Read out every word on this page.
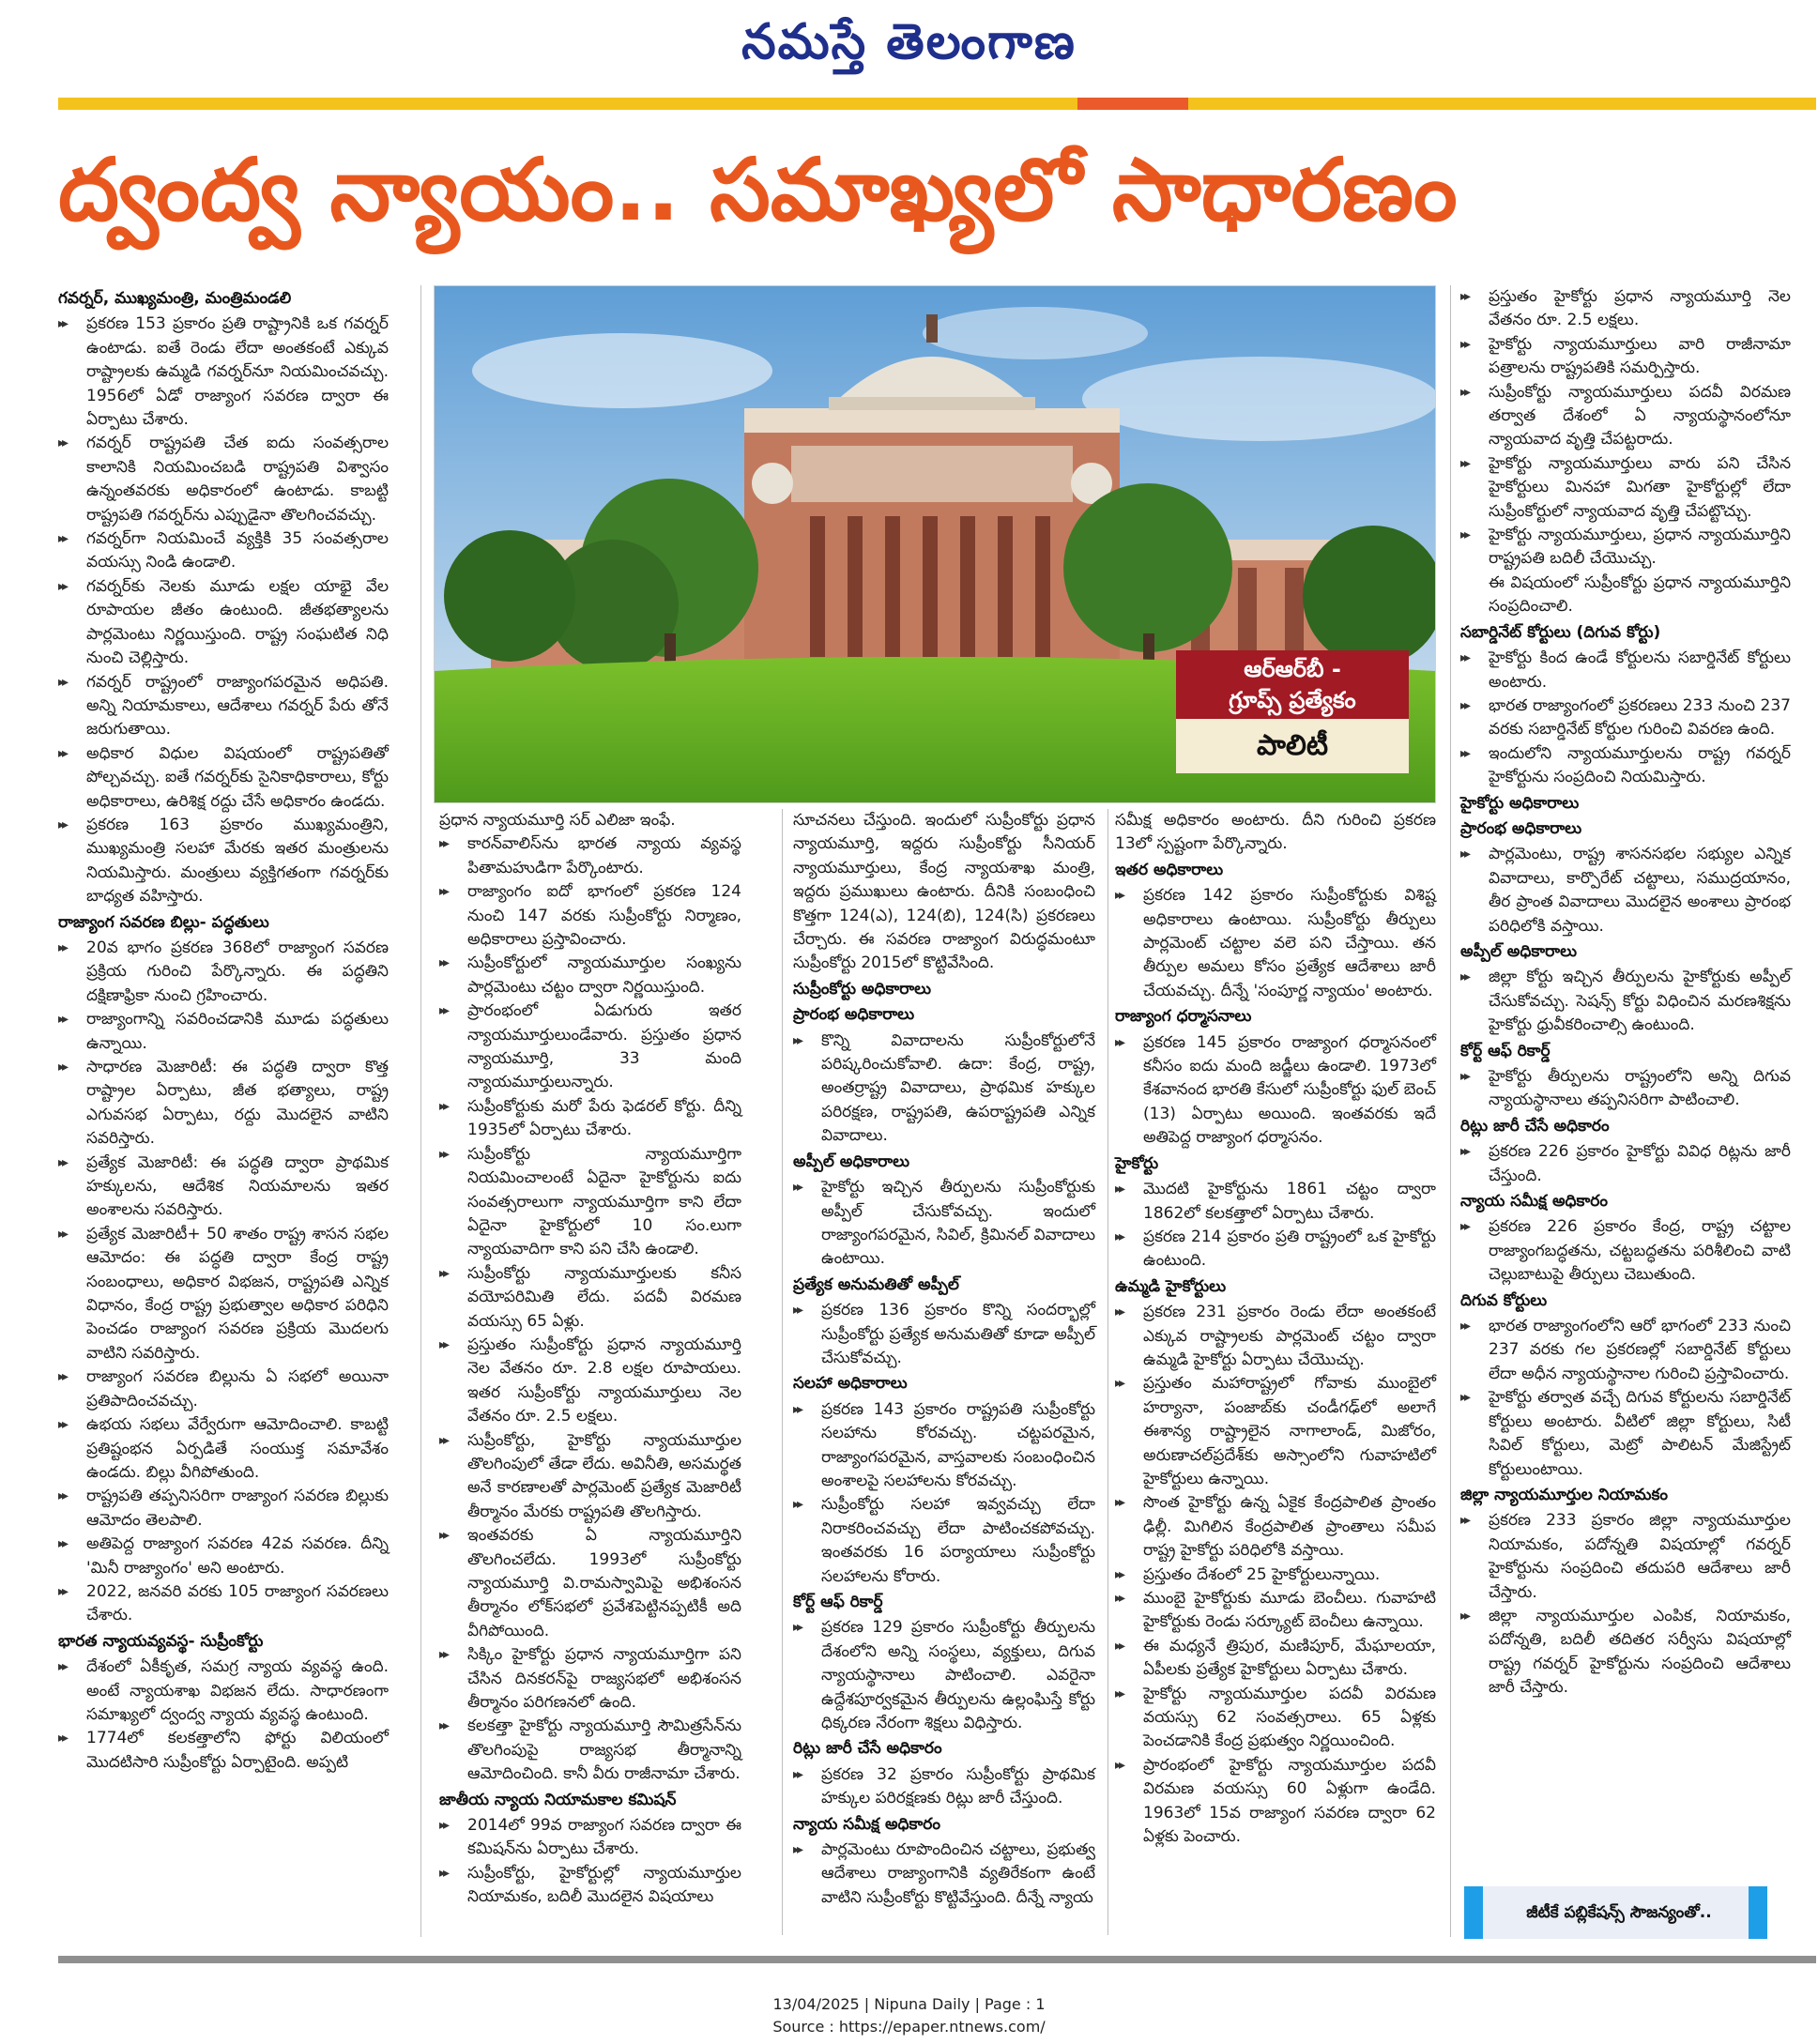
నమస్తే తెలంగాణ
ద్వంద్వ న్యాయం.. సమాఖ్యలో సాధారణం
గవర్నర్, ముఖ్యమంత్రి, మంత్రిమండలి
▸▸ ప్రకరణ 153 ప్రకారం ప్రతి రాష్ట్రానికి ఒక గవర్నర్ ఉంటాడు. ఐతే రెండు లేదా అంతకంటే ఎక్కువ రాష్ట్రాలకు ఉమ్మడి గవర్నర్‌నూ నియమించవచ్చు. 1956లో ఏడో రాజ్యాంగ సవరణ ద్వారా ఈ ఏర్పాటు చేశారు.
▸▸ గవర్నర్ రాష్ట్రపతి చేత ఐదు సంవత్సరాల కాలానికి నియమించబడి రాష్ట్రపతి విశ్వాసం ఉన్నంతవరకు అధికారంలో ఉంటాడు. కాబట్టి రాష్ట్రపతి గవర్నర్‌ను ఎప్పుడైనా తొలగించవచ్చు.
▸▸ గవర్నర్‌గా నియమించే వ్యక్తికి 35 సంవత్సరాల వయస్సు నిండి ఉండాలి.
▸▸ గవర్నర్‌కు నెలకు మూడు లక్షల యాభై వేల రూపాయల జీతం ఉంటుంది. జీతభత్యాలను పార్లమెంటు నిర్ణయిస్తుంది. రాష్ట్ర సంఘటిత నిధి నుంచి చెల్లిస్తారు.
▸▸ గవర్నర్ రాష్ట్రంలో రాజ్యాంగపరమైన అధిపతి. అన్ని నియామకాలు, ఆదేశాలు గవర్నర్ పేరు తోనే జరుగుతాయి.
▸▸ అధికార విధుల విషయంలో రాష్ట్రపతితో పోల్చవచ్చు. ఐతే గవర్నర్‌కు సైనికాధికారాలు, కోర్టు అధికారాలు, ఉరిశిక్ష రద్దు చేసే అధికారం ఉండదు.
▸▸ ప్రకరణ 163 ప్రకారం ముఖ్యమంత్రిని, ముఖ్యమంత్రి సలహా మేరకు ఇతర మంత్రులను నియమిస్తారు. మంత్రులు వ్యక్తిగతంగా గవర్నర్‌కు బాధ్యత వహిస్తారు.
రాజ్యాంగ సవరణ బిల్లు- పద్ధతులు
▸▸ 20వ భాగం ప్రకరణ 368లో రాజ్యాంగ సవరణ ప్రక్రియ గురించి పేర్కొన్నారు. ఈ పద్ధతిని దక్షిణాఫ్రికా నుంచి గ్రహించారు.
▸▸ రాజ్యాంగాన్ని సవరించడానికి మూడు పద్ధతులు ఉన్నాయి.
▸▸ సాధారణ మెజారిటీ: ఈ పద్ధతి ద్వారా కొత్త రాష్ట్రాల ఏర్పాటు, జీత భత్యాలు, రాష్ట్ర ఎగువసభ ఏర్పాటు, రద్దు మొదలైన వాటిని సవరిస్తారు.
▸▸ ప్రత్యేక మెజారిటీ: ఈ పద్ధతి ద్వారా ప్రాథమిక హక్కులను, ఆదేశిక నియమాలను ఇతర అంశాలను సవరిస్తారు.
▸▸ ప్రత్యేక మెజారిటీ+ 50 శాతం రాష్ట్ర శాసన సభల ఆమోదం: ఈ పద్ధతి ద్వారా కేంద్ర రాష్ట్ర సంబంధాలు, అధికార విభజన, రాష్ట్రపతి ఎన్నిక విధానం, కేంద్ర రాష్ట్ర ప్రభుత్వాల అధికార పరిధిని పెంచడం రాజ్యాంగ సవరణ ప్రక్రియ మొదలగు వాటిని సవరిస్తారు.
▸▸ రాజ్యాంగ సవరణ బిల్లును ఏ సభలో అయినా ప్రతిపాదించవచ్చు.
▸▸ ఉభయ సభలు వేర్వేరుగా ఆమోదించాలి. కాబట్టి ప్రతిష్టంభన ఏర్పడితే సంయుక్త సమావేశం ఉండదు. బిల్లు వీగిపోతుంది.
▸▸ రాష్ట్రపతి తప్పనిసరిగా రాజ్యాంగ సవరణ బిల్లుకు ఆమోదం తెలపాలి.
▸▸ అతిపెద్ద రాజ్యాంగ సవరణ 42వ సవరణ. దీన్ని 'మినీ రాజ్యాంగం' అని అంటారు.
▸▸ 2022, జనవరి వరకు 105 రాజ్యాంగ సవరణలు చేశారు.
భారత న్యాయవ్యవస్థ- సుప్రీంకోర్టు
▸▸ దేశంలో ఏకీకృత, సమగ్ర న్యాయ వ్యవస్థ ఉంది. అంటే న్యాయశాఖ విభజన లేదు. సాధారణంగా సమాఖ్యలో ద్వంద్వ న్యాయ వ్యవస్థ ఉంటుంది.
▸▸ 1774లో కలకత్తాలోని ఫోర్టు విలియంలో మొదటిసారి సుప్రీంకోర్టు ఏర్పాటైంది. అప్పటి
ప్రధాన న్యాయమూర్తి సర్ ఎలిజా ఇంఫే.
▸▸ కారన్‌వాలిస్‌ను భారత న్యాయ వ్యవస్థ పితామహుడిగా పేర్కొంటారు.
▸▸ రాజ్యాంగం ఐదో భాగంలో ప్రకరణ 124 నుంచి 147 వరకు సుప్రీంకోర్టు నిర్మాణం, అధికారాలు ప్రస్తావించారు.
▸▸ సుప్రీంకోర్టులో న్యాయమూర్తుల సంఖ్యను పార్లమెంటు చట్టం ద్వారా నిర్ణయిస్తుంది.
▸▸ ప్రారంభంలో ఏడుగురు ఇతర న్యాయమూర్తులుండేవారు. ప్రస్తుతం ప్రధాన న్యాయమూర్తి, 33 మంది న్యాయమూర్తులున్నారు.
▸▸ సుప్రీంకోర్టుకు మరో పేరు ఫెడరల్ కోర్టు. దీన్ని 1935లో ఏర్పాటు చేశారు.
▸▸ సుప్రీంకోర్టు న్యాయమూర్తిగా నియమించాలంటే ఏదైనా హైకోర్టును ఐదు సంవత్సరాలుగా న్యాయమూర్తిగా కాని లేదా ఏదైనా హైకోర్టులో 10 సం.లుగా న్యాయవాదిగా కాని పని చేసి ఉండాలి.
▸▸ సుప్రీంకోర్టు న్యాయమూర్తులకు కనీస వయోపరిమితి లేదు. పదవీ విరమణ వయస్సు 65 ఏళ్లు.
▸▸ ప్రస్తుతం సుప్రీంకోర్టు ప్రధాన న్యాయమూర్తి నెల వేతనం రూ. 2.8 లక్షల రూపాయలు. ఇతర సుప్రీంకోర్టు న్యాయమూర్తులు నెల వేతనం రూ. 2.5 లక్షలు.
▸▸ సుప్రీంకోర్టు, హైకోర్టు న్యాయమూర్తుల తొలగింపులో తేడా లేదు. అవినీతి, అసమర్థత అనే కారణాలతో పార్లమెంట్ ప్రత్యేక మెజారిటీ తీర్మానం మేరకు రాష్ట్రపతి తొలగిస్తారు.
▸▸ ఇంతవరకు ఏ న్యాయమూర్తిని తొలగించలేదు. 1993లో సుప్రీంకోర్టు న్యాయమూర్తి వి.రామస్వామిపై అభిశంసన తీర్మానం లోక్‌సభలో ప్రవేశపెట్టినప్పటికీ అది వీగిపోయింది.
▸▸ సిక్కిం హైకోర్టు ప్రధాన న్యాయమూర్తిగా పని చేసిన దినకరన్‌పై రాజ్యసభలో అభిశంసన తీర్మానం పరిగణనలో ఉంది.
▸▸ కలకత్తా హైకోర్టు న్యాయమూర్తి సౌమిత్రసేన్‌ను తొలగింపుపై రాజ్యసభ తీర్మానాన్ని ఆమోదించింది. కానీ వీరు రాజీనామా చేశారు.
జాతీయ న్యాయ నియామకాల కమిషన్
▸▸ 2014లో 99వ రాజ్యాంగ సవరణ ద్వారా ఈ కమిషన్‌ను ఏర్పాటు చేశారు.
▸▸ సుప్రీంకోర్టు, హైకోర్టుల్లో న్యాయమూర్తుల నియామకం, బదిలీ మొదలైన విషయాలు
సూచనలు చేస్తుంది. ఇందులో సుప్రీంకోర్టు ప్రధాన న్యాయమూర్తి, ఇద్దరు సుప్రీంకోర్టు సీనియర్ న్యాయమూర్తులు, కేంద్ర న్యాయశాఖ మంత్రి, ఇద్దరు ప్రముఖులు ఉంటారు. దీనికి సంబంధించి కొత్తగా 124(ఎ), 124(బి), 124(సి) ప్రకరణలు చేర్చారు. ఈ సవరణ రాజ్యాంగ విరుద్ధమంటూ సుప్రీంకోర్టు 2015లో కొట్టివేసింది.
సుప్రీంకోర్టు అధికారాలు
ప్రారంభ అధికారాలు
▸▸ కొన్ని వివాదాలను సుప్రీంకోర్టులోనే పరిష్కరించుకోవాలి. ఉదా: కేంద్ర, రాష్ట్ర, అంతర్రాష్ట్ర వివాదాలు, ప్రాథమిక హక్కుల పరిరక్షణ, రాష్ట్రపతి, ఉపరాష్ట్రపతి ఎన్నిక వివాదాలు.
అప్పీల్ అధికారాలు
▸▸ హైకోర్టు ఇచ్చిన తీర్పులను సుప్రీంకోర్టుకు అప్పీల్ చేసుకోవచ్చు. ఇందులో రాజ్యాంగపరమైన, సివిల్, క్రిమినల్ వివాదాలు ఉంటాయి.
ప్రత్యేక అనుమతితో అప్పీల్
▸▸ ప్రకరణ 136 ప్రకారం కొన్ని సందర్భాల్లో సుప్రీంకోర్టు ప్రత్యేక అనుమతితో కూడా అప్పీల్ చేసుకోవచ్చు.
సలహా అధికారాలు
▸▸ ప్రకరణ 143 ప్రకారం రాష్ట్రపతి సుప్రీంకోర్టు సలహాను కోరవచ్చు. చట్టపరమైన, రాజ్యాంగపరమైన, వాస్తవాలకు సంబంధించిన అంశాలపై సలహాలను కోరవచ్చు.
▸▸ సుప్రీంకోర్టు సలహా ఇవ్వవచ్చు లేదా నిరాకరించవచ్చు లేదా పాటించకపోవచ్చు. ఇంతవరకు 16 పర్యాయాలు సుప్రీంకోర్టు సలహాలను కోరారు.
కోర్ట్ ఆఫ్ రికార్డ్
▸▸ ప్రకరణ 129 ప్రకారం సుప్రీంకోర్టు తీర్పులను దేశంలోని అన్ని సంస్థలు, వ్యక్తులు, దిగువ న్యాయస్థానాలు పాటించాలి. ఎవరైనా ఉద్దేశపూర్వకమైన తీర్పులను ఉల్లంఘిస్తే కోర్టు ధిక్కరణ నేరంగా శిక్షలు విధిస్తారు.
రిట్లు జారీ చేసే అధికారం
▸▸ ప్రకరణ 32 ప్రకారం సుప్రీంకోర్టు ప్రాథమిక హక్కుల పరిరక్షణకు రిట్లు జారీ చేస్తుంది.
న్యాయ సమీక్ష అధికారం
▸▸ పార్లమెంటు రూపొందించిన చట్టాలు, ప్రభుత్వ ఆదేశాలు రాజ్యాంగానికి వ్యతిరేకంగా ఉంటే వాటిని సుప్రీంకోర్టు కొట్టివేస్తుంది. దీన్నే న్యాయ
సమీక్ష అధికారం అంటారు. దీని గురించి ప్రకరణ 13లో స్పష్టంగా పేర్కొన్నారు.
ఇతర అధికారాలు
▸▸ ప్రకరణ 142 ప్రకారం సుప్రీంకోర్టుకు విశిష్ట అధికారాలు ఉంటాయి. సుప్రీంకోర్టు తీర్పులు పార్లమెంట్ చట్టాల వలె పని చేస్తాయి. తన తీర్పుల అమలు కోసం ప్రత్యేక ఆదేశాలు జారీ చేయవచ్చు. దీన్నే 'సంపూర్ణ న్యాయం' అంటారు.
రాజ్యాంగ ధర్మాసనాలు
▸▸ ప్రకరణ 145 ప్రకారం రాజ్యాంగ ధర్మాసనంలో కనీసం ఐదు మంది జడ్జీలు ఉండాలి. 1973లో కేశవానంద భారతి కేసులో సుప్రీంకోర్టు ఫుల్ బెంచ్ (13) ఏర్పాటు అయింది. ఇంతవరకు ఇదే అతిపెద్ద రాజ్యాంగ ధర్మాసనం.
హైకోర్టు
▸▸ మొదటి హైకోర్టును 1861 చట్టం ద్వారా 1862లో కలకత్తాలో ఏర్పాటు చేశారు.
▸▸ ప్రకరణ 214 ప్రకారం ప్రతి రాష్ట్రంలో ఒక హైకోర్టు ఉంటుంది.
ఉమ్మడి హైకోర్టులు
▸▸ ప్రకరణ 231 ప్రకారం రెండు లేదా అంతకంటే ఎక్కువ రాష్ట్రాలకు పార్లమెంట్ చట్టం ద్వారా ఉమ్మడి హైకోర్టు ఏర్పాటు చేయొచ్చు.
▸▸ ప్రస్తుతం మహారాష్ట్రలో గోవాకు ముంబైలో హర్యానా, పంజాబ్‌కు చండీగఢ్‌లో అలాగే ఈశాన్య రాష్ట్రాలైన నాగాలాండ్, మిజోరం, అరుణాచల్‌ప్రదేశ్‌కు అస్సాంలోని గువాహటిలో హైకోర్టులు ఉన్నాయి.
▸▸ సొంత హైకోర్టు ఉన్న ఏకైక కేంద్రపాలిత ప్రాంతం ఢిల్లీ. మిగిలిన కేంద్రపాలిత ప్రాంతాలు సమీప రాష్ట్ర హైకోర్టు పరిధిలోకి వస్తాయి.
▸▸ ప్రస్తుతం దేశంలో 25 హైకోర్టులున్నాయి.
▸▸ ముంబై హైకోర్టుకు మూడు బెంచీలు. గువాహటి హైకోర్టుకు రెండు సర్క్యూట్ బెంచీలు ఉన్నాయి.
▸▸ ఈ మధ్యనే త్రిపుర, మణిపూర్, మేఘాలయా, ఏపీలకు ప్రత్యేక హైకోర్టులు ఏర్పాటు చేశారు.
▸▸ హైకోర్టు న్యాయమూర్తుల పదవీ విరమణ వయస్సు 62 సంవత్సరాలు. 65 ఏళ్లకు పెంచడానికి కేంద్ర ప్రభుత్వం నిర్ణయించింది.
▸▸ ప్రారంభంలో హైకోర్టు న్యాయమూర్తుల పదవీ విరమణ వయస్సు 60 ఏళ్లుగా ఉండేది. 1963లో 15వ రాజ్యాంగ సవరణ ద్వారా 62 ఏళ్లకు పెంచారు.
▸▸ ప్రస్తుతం హైకోర్టు ప్రధాన న్యాయమూర్తి నెల వేతనం రూ. 2.5 లక్షలు.
▸▸ హైకోర్టు న్యాయమూర్తులు వారి రాజీనామా పత్రాలను రాష్ట్రపతికి సమర్పిస్తారు.
▸▸ సుప్రీంకోర్టు న్యాయమూర్తులు పదవీ విరమణ తర్వాత దేశంలో ఏ న్యాయస్థానంలోనూ న్యాయవాద వృత్తి చేపట్టరాదు.
▸▸ హైకోర్టు న్యాయమూర్తులు వారు పని చేసిన హైకోర్టులు మినహా మిగతా హైకోర్టుల్లో లేదా సుప్రీంకోర్టులో న్యాయవాద వృత్తి చేపట్టొచ్చు.
▸▸ హైకోర్టు న్యాయమూర్తులు, ప్రధాన న్యాయమూర్తిని రాష్ట్రపతి బదిలీ చేయొచ్చు.
ఈ విషయంలో సుప్రీంకోర్టు ప్రధాన న్యాయమూర్తిని సంప్రదించాలి.
సబార్డినేట్ కోర్టులు (దిగువ కోర్టు)
▸▸ హైకోర్టు కింద ఉండే కోర్టులను సబార్డినేట్ కోర్టులు అంటారు.
▸▸ భారత రాజ్యాంగంలో ప్రకరణలు 233 నుంచి 237 వరకు సబార్డినేట్ కోర్టుల గురించి వివరణ ఉంది.
▸▸ ఇందులోని న్యాయమూర్తులను రాష్ట్ర గవర్నర్ హైకోర్టును సంప్రదించి నియమిస్తారు.
హైకోర్టు అధికారాలు
ప్రారంభ అధికారాలు
▸▸ పార్లమెంటు, రాష్ట్ర శాసనసభల సభ్యుల ఎన్నిక వివాదాలు, కార్పొరేట్ చట్టాలు, సముద్రయానం, తీర ప్రాంత వివాదాలు మొదలైన అంశాలు ప్రారంభ పరిధిలోకి వస్తాయి.
అప్పీల్ అధికారాలు
▸▸ జిల్లా కోర్టు ఇచ్చిన తీర్పులను హైకోర్టుకు అప్పీల్ చేసుకోవచ్చు. సెషన్స్ కోర్టు విధించిన మరణశిక్షను హైకోర్టు ధ్రువీకరించాల్సి ఉంటుంది.
కోర్ట్ ఆఫ్ రికార్డ్
▸▸ హైకోర్టు తీర్పులను రాష్ట్రంలోని అన్ని దిగువ న్యాయస్థానాలు తప్పనిసరిగా పాటించాలి.
రిట్లు జారీ చేసే అధికారం
▸▸ ప్రకరణ 226 ప్రకారం హైకోర్టు వివిధ రిట్లను జారీ చేస్తుంది.
న్యాయ సమీక్ష అధికారం
▸▸ ప్రకరణ 226 ప్రకారం కేంద్ర, రాష్ట్ర చట్టాల రాజ్యాంగబద్ధతను, చట్టబద్ధతను పరిశీలించి వాటి చెల్లుబాటుపై తీర్పులు చెబుతుంది.
దిగువ కోర్టులు
▸▸ భారత రాజ్యాంగంలోని ఆరో భాగంలో 233 నుంచి 237 వరకు గల ప్రకరణల్లో సబార్డినేట్ కోర్టులు లేదా అధీన న్యాయస్థానాల గురించి ప్రస్తావించారు.
▸▸ హైకోర్టు తర్వాత వచ్చే దిగువ కోర్టులను సబార్డినేట్ కోర్టులు అంటారు. వీటిలో జిల్లా కోర్టులు, సిటీ సివిల్ కోర్టులు, మెట్రో పాలిటన్ మేజిస్ట్రేట్ కోర్టులుంటాయి.
జిల్లా న్యాయమూర్తుల నియామకం
▸▸ ప్రకరణ 233 ప్రకారం జిల్లా న్యాయమూర్తుల నియామకం, పదోన్నతి విషయాల్లో గవర్నర్ హైకోర్టును సంప్రదించి తదుపరి ఆదేశాలు జారీ చేస్తారు.
▸▸ జిల్లా న్యాయమూర్తుల ఎంపిక, నియామకం, పదోన్నతి, బదిలీ తదితర సర్వీసు విషయాల్లో రాష్ట్ర గవర్నర్ హైకోర్టును సంప్రదించి ఆదేశాలు జారీ చేస్తారు.
ఆర్ఆర్‌బీ -
గ్రూప్స్ ప్రత్యేకం
పాలిటీ
జీటీకే పబ్లికేషన్స్ సౌజన్యంతో..
13/04/2025 | Nipuna Daily | Page : 1
Source : https://epaper.ntnews.com/
